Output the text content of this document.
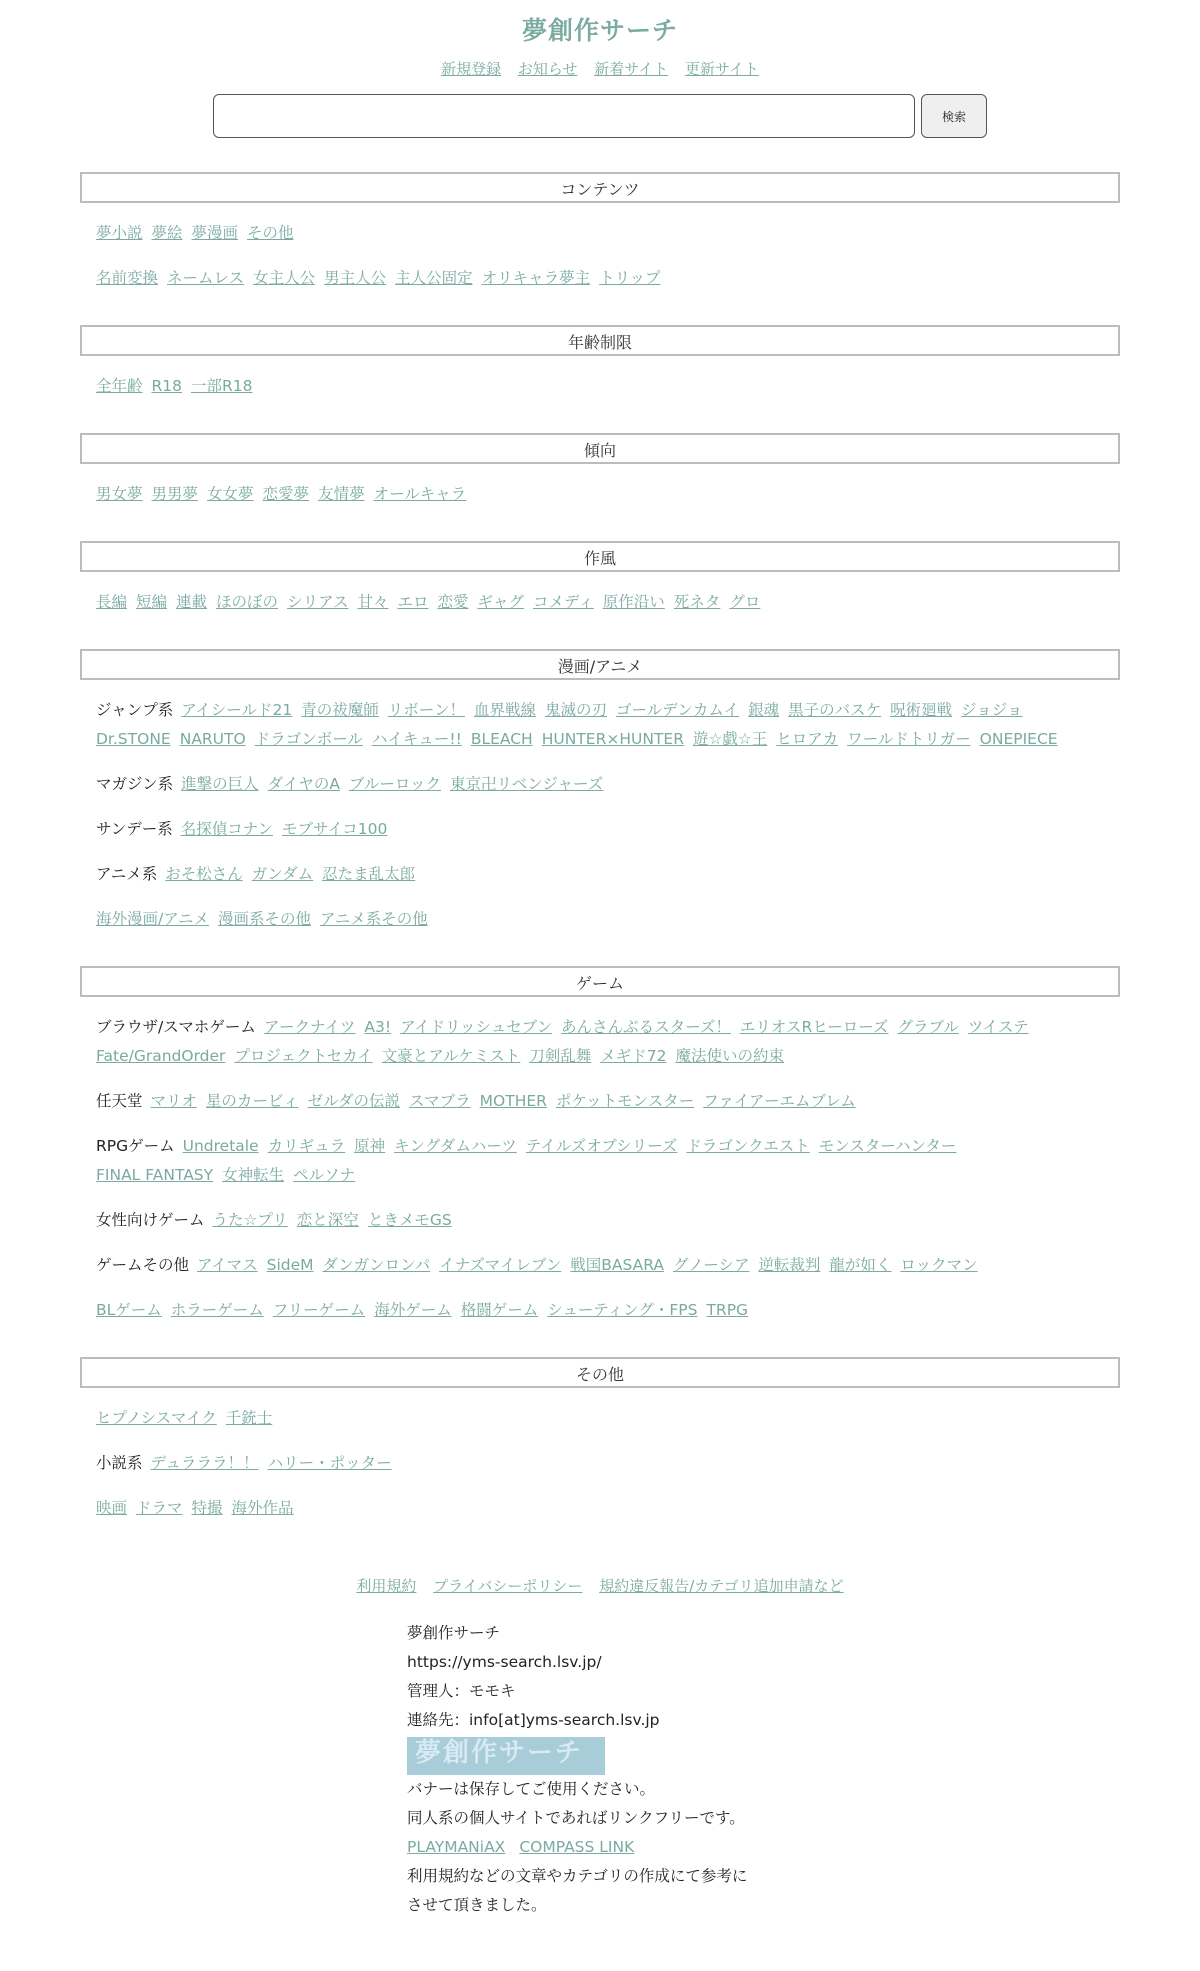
夢創作サーチ
新規登録 お知らせ 新着サイト 更新サイト
検索
コンテンツ
夢小説 夢絵 夢漫画 その他
名前変換 ネームレス 女主人公 男主人公 主人公固定 オリキャラ夢主 トリップ
年齢制限
全年齢 R18 一部R18
傾向
男女夢 男男夢 女女夢 恋愛夢 友情夢 オールキャラ
作風
長編 短編 連載 ほのぼの シリアス 甘々 エロ 恋愛 ギャグ コメディ 原作沿い 死ネタ グロ
漫画/アニメ
ジャンプ系 アイシールド21 青の祓魔師 リボーン！ 血界戦線 鬼滅の刃 ゴールデンカムイ 銀魂 黒子のバスケ 呪術廻戦 ジョジョ
Dr.STONE NARUTO ドラゴンボール ハイキュー!! BLEACH HUNTER×HUNTER 遊☆戯☆王 ヒロアカ ワールドトリガー ONEPIECE
マガジン系 進撃の巨人 ダイヤのA ブルーロック 東京卍リベンジャーズ
サンデー系 名探偵コナン モブサイコ100
アニメ系 おそ松さん ガンダム 忍たま乱太郎
海外漫画/アニメ 漫画系その他 アニメ系その他
ゲーム
ブラウザ/スマホゲーム アークナイツ A3! アイドリッシュセブン あんさんぶるスターズ！ エリオスRヒーローズ グラブル ツイステ
Fate/GrandOrder プロジェクトセカイ 文豪とアルケミスト 刀剣乱舞 メギド72 魔法使いの約束
任天堂 マリオ 星のカービィ ゼルダの伝説 スマブラ MOTHER ポケットモンスター ファイアーエムブレム
RPGゲーム Undretale カリギュラ 原神 キングダムハーツ テイルズオブシリーズ ドラゴンクエスト モンスターハンター
FINAL FANTASY 女神転生 ペルソナ
女性向けゲーム うた☆プリ 恋と深空 ときメモGS
ゲームその他 アイマス SideM ダンガンロンパ イナズマイレブン 戦国BASARA グノーシア 逆転裁判 龍が如く ロックマン
BLゲーム ホラーゲーム フリーゲーム 海外ゲーム 格闘ゲーム シューティング・FPS TRPG
その他
ヒプノシスマイク 千銃士
小説系 デュラララ！！ ハリー・ポッター
映画 ドラマ 特撮 海外作品
利用規約 プライバシーポリシー 規約違反報告/カテゴリ追加申請など

夢創作サーチ

https://yms-search.lsv.jp/

管理人：モモキ

連絡先：info[at]yms-search.lsv.jp

夢創作サーチ

バナーは保存してご使用ください。

同人系の個人サイトであればリンクフリーです。

PLAYMANiAX COMPASS LINK

利用規約などの文章やカテゴリの作成にて参考に

させて頂きました。
